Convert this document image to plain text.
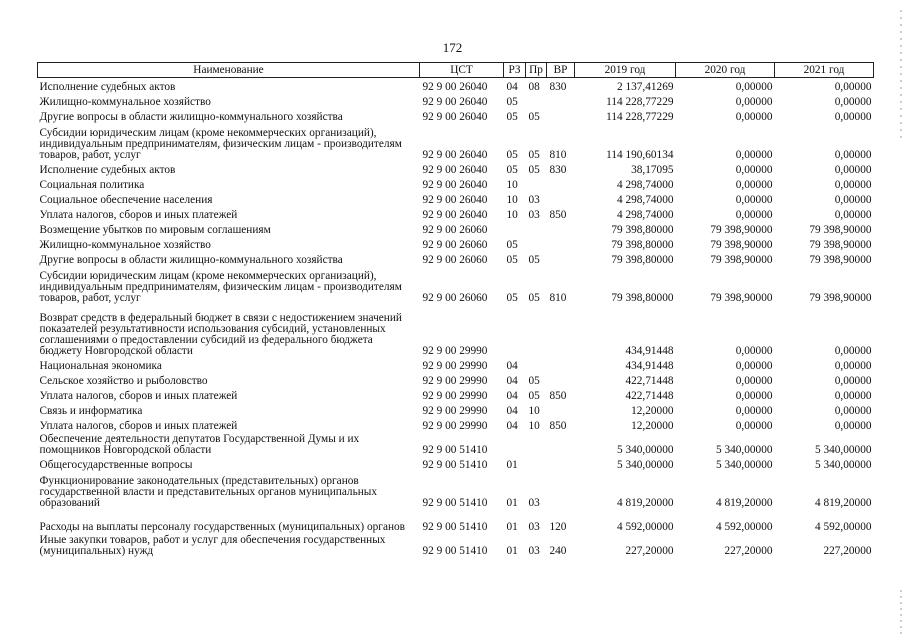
172
Наименование	ЦСТ	РЗ	Пр	ВР	2019 год	2020 год	2021 год
Исполнение судебных актов	92 9 00 26040	04	08	830	2 137,41269	0,00000	0,00000
Жилищно-коммунальное хозяйство	92 9 00 26040	05			114 228,77229	0,00000	0,00000
Другие вопросы в области жилищно-коммунального хозяйства	92 9 00 26040	05	05		114 228,77229	0,00000	0,00000
Субсидии юридическим лицам (кроме некоммерческих организаций), индивидуальным предпринимателям, физическим лицам - производителям товаров, работ, услуг	92 9 00 26040	05	05	810	114 190,60134	0,00000	0,00000
Исполнение судебных актов	92 9 00 26040	05	05	830	38,17095	0,00000	0,00000
Социальная политика	92 9 00 26040	10			4 298,74000	0,00000	0,00000
Социальное обеспечение населения	92 9 00 26040	10	03		4 298,74000	0,00000	0,00000
Уплата налогов, сборов и иных платежей	92 9 00 26040	10	03	850	4 298,74000	0,00000	0,00000
Возмещение убытков по мировым соглашениям	92 9 00 26060				79 398,80000	79 398,90000	79 398,90000
Жилищно-коммунальное хозяйство	92 9 00 26060	05			79 398,80000	79 398,90000	79 398,90000
Другие вопросы в области жилищно-коммунального хозяйства	92 9 00 26060	05	05		79 398,80000	79 398,90000	79 398,90000
Субсидии юридическим лицам (кроме некоммерческих организаций), индивидуальным предпринимателям, физическим лицам - производителям товаров, работ, услуг	92 9 00 26060	05	05	810	79 398,80000	79 398,90000	79 398,90000
Возврат средств в федеральный бюджет в связи с недостижением значений показателей результативности использования субсидий, установленных соглашениями о предоставлении субсидий из федерального бюджета бюджету Новгородской области	92 9 00 29990				434,91448	0,00000	0,00000
Национальная экономика	92 9 00 29990	04			434,91448	0,00000	0,00000
Сельское хозяйство и рыболовство	92 9 00 29990	04	05		422,71448	0,00000	0,00000
Уплата налогов, сборов и иных платежей	92 9 00 29990	04	05	850	422,71448	0,00000	0,00000
Связь и информатика	92 9 00 29990	04	10		12,20000	0,00000	0,00000
Уплата налогов, сборов и иных платежей	92 9 00 29990	04	10	850	12,20000	0,00000	0,00000
Обеспечение деятельности депутатов Государственной Думы и их помощников Новгородской области	92 9 00 51410				5 340,00000	5 340,00000	5 340,00000
Общегосударственные вопросы	92 9 00 51410	01			5 340,00000	5 340,00000	5 340,00000
Функционирование законодательных (представительных) органов государственной власти и представительных органов муниципальных образований	92 9 00 51410	01	03		4 819,20000	4 819,20000	4 819,20000
Расходы на выплаты персоналу государственных (муниципальных) органов	92 9 00 51410	01	03	120	4 592,00000	4 592,00000	4 592,00000
Иные закупки товаров, работ и услуг для обеспечения государственных (муниципальных) нужд	92 9 00 51410	01	03	240	227,20000	227,20000	227,20000
